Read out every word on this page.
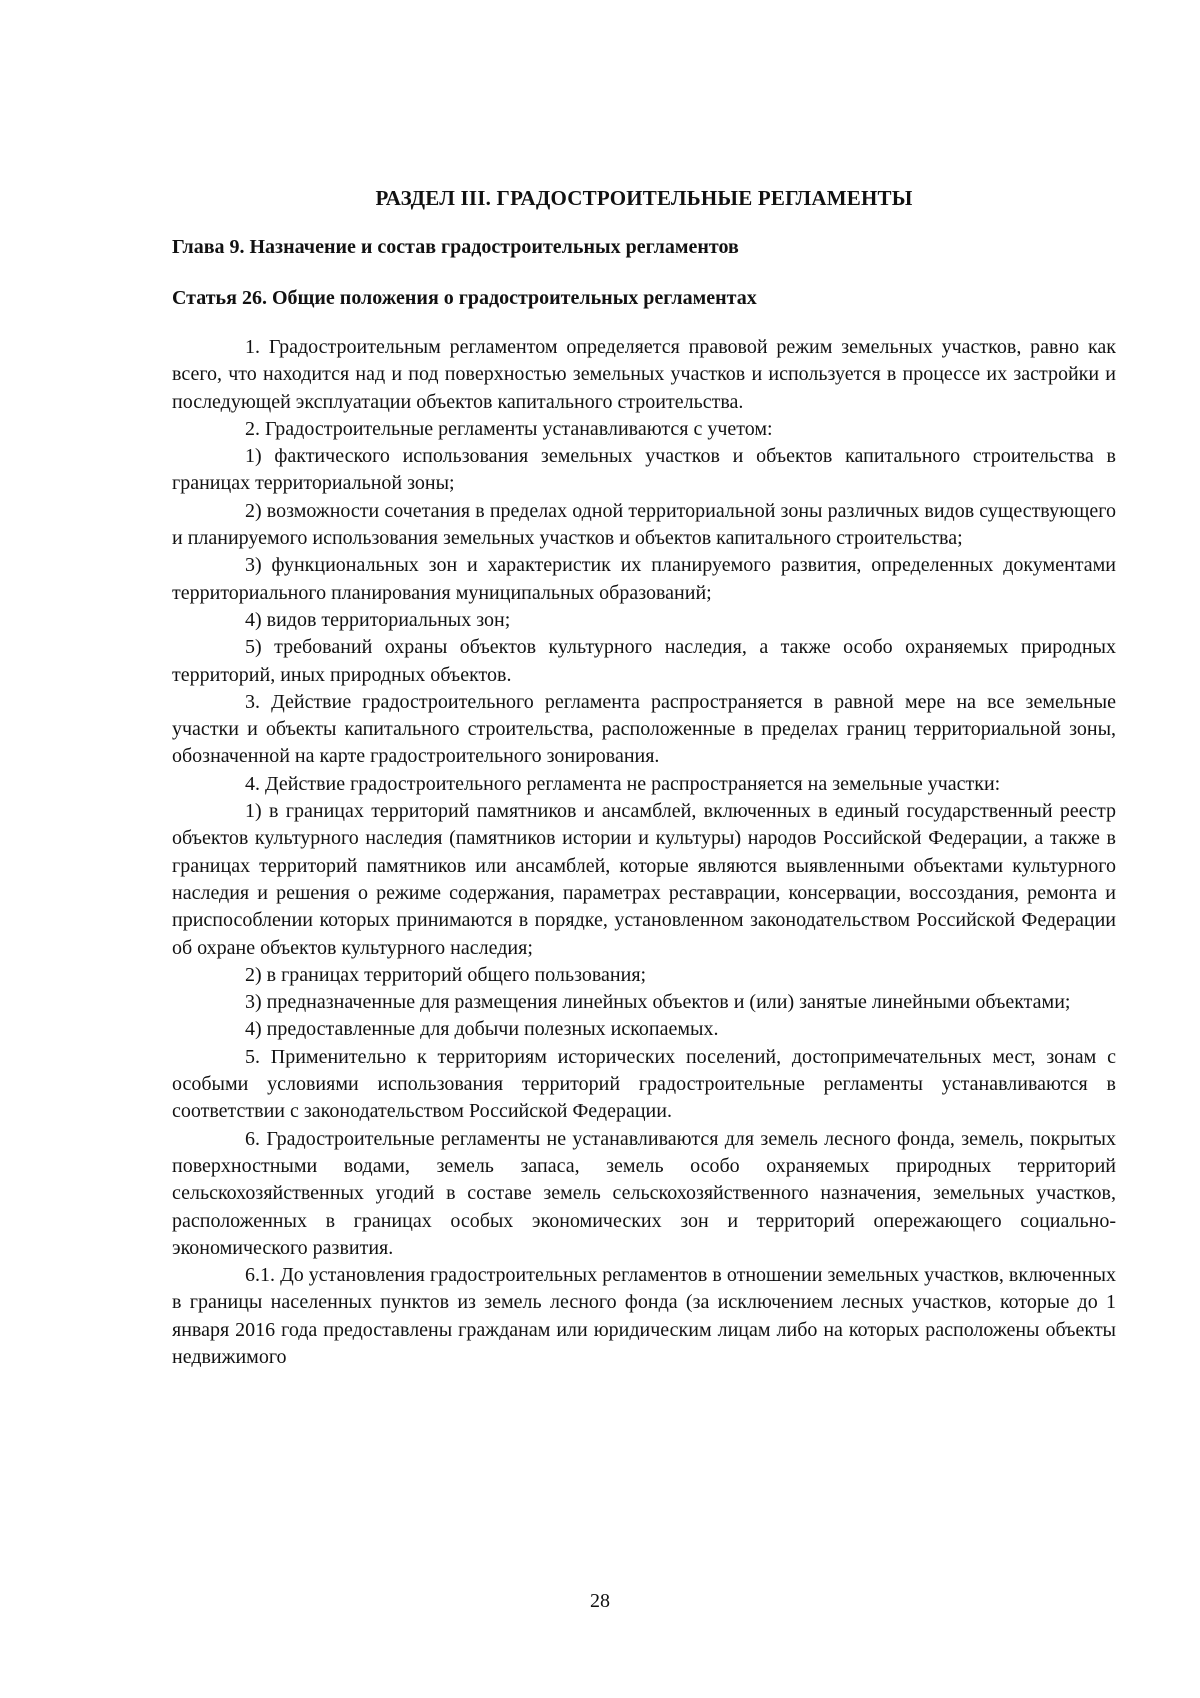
РАЗДЕЛ III. ГРАДОСТРОИТЕЛЬНЫЕ РЕГЛАМЕНТЫ
Глава 9. Назначение и состав градостроительных регламентов
Статья 26. Общие положения о градостроительных регламентах

1. Градостроительным регламентом определяется правовой режим земельных участков, равно как всего, что находится над и под поверхностью земельных участков и используется в процессе их застройки и последующей эксплуатации объектов капитального строительства.

2. Градостроительные регламенты устанавливаются с учетом:

1) фактического использования земельных участков и объектов капитального строительства в границах территориальной зоны;

2) возможности сочетания в пределах одной территориальной зоны различных видов существующего и планируемого использования земельных участков и объектов капитального строительства;

3) функциональных зон и характеристик их планируемого развития, определенных документами территориального планирования муниципальных образований;

4) видов территориальных зон;

5) требований охраны объектов культурного наследия, а также особо охраняемых природных территорий, иных природных объектов.

3. Действие градостроительного регламента распространяется в равной мере на все земельные участки и объекты капитального строительства, расположенные в пределах границ территориальной зоны, обозначенной на карте градостроительного зонирования.

4. Действие градостроительного регламента не распространяется на земельные участки:

1) в границах территорий памятников и ансамблей, включенных в единый государственный реестр объектов культурного наследия (памятников истории и культуры) народов Российской Федерации, а также в границах территорий памятников или ансамблей, которые являются выявленными объектами культурного наследия и решения о режиме содержания, параметрах реставрации, консервации, воссоздания, ремонта и приспособлении которых принимаются в порядке, установленном законодательством Российской Федерации об охране объектов культурного наследия;

2) в границах территорий общего пользования;

3) предназначенные для размещения линейных объектов и (или) занятые линейными объектами;

4) предоставленные для добычи полезных ископаемых.

5. Применительно к территориям исторических поселений, достопримечательных мест, зонам с особыми условиями использования территорий градостроительные регламенты устанавливаются в соответствии с законодательством Российской Федерации.

6. Градостроительные регламенты не устанавливаются для земель лесного фонда, земель, покрытых поверхностными водами, земель запаса, земель особо охраняемых природных территорий сельскохозяйственных угодий в составе земель сельскохозяйственного назначения, земельных участков, расположенных в границах особых экономических зон и территорий опережающего социально-экономического развития.

6.1. До установления градостроительных регламентов в отношении земельных участков, включенных в границы населенных пунктов из земель лесного фонда (за исключением лесных участков, которые до 1 января 2016 года предоставлены гражданам или юридическим лицам либо на которых расположены объекты недвижимого

28
